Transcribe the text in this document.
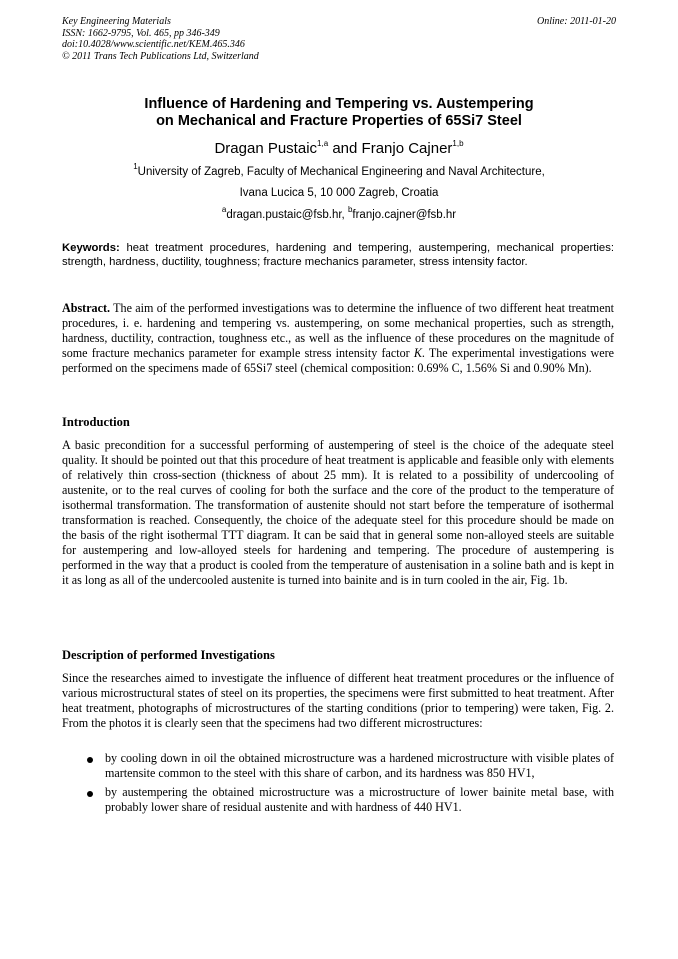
Key Engineering Materials
ISSN: 1662-9795, Vol. 465, pp 346-349
doi:10.4028/www.scientific.net/KEM.465.346
© 2011 Trans Tech Publications Ltd, Switzerland
Online: 2011-01-20
Influence of Hardening and Tempering vs. Austempering
on Mechanical and Fracture Properties of 65Si7 Steel
Dragan Pustaic$^{1,a}$ and Franjo Cajner$^{1,b}$
$^1$University of Zagreb, Faculty of Mechanical Engineering and Naval Architecture,
Ivana Lucica 5, 10 000 Zagreb, Croatia
$^a$dragan.pustaic@fsb.hr, $^b$franjo.cajner@fsb.hr
Keywords: heat treatment procedures, hardening and tempering, austempering, mechanical properties: strength, hardness, ductility, toughness; fracture mechanics parameter, stress intensity factor.
Abstract. The aim of the performed investigations was to determine the influence of two different heat treatment procedures, i. e. hardening and tempering vs. austempering, on some mechanical properties, such as strength, hardness, ductility, contraction, toughness etc., as well as the influence of these procedures on the magnitude of some fracture mechanics parameter for example stress intensity factor K. The experimental investigations were performed on the specimens made of 65Si7 steel (chemical composition: 0.69% C, 1.56% Si and 0.90% Mn).
Introduction
A basic precondition for a successful performing of austempering of steel is the choice of the adequate steel quality. It should be pointed out that this procedure of heat treatment is applicable and feasible only with elements of relatively thin cross-section (thickness of about 25 mm). It is related to a possibility of undercooling of austenite, or to the real curves of cooling for both the surface and the core of the product to the temperature of isothermal transformation. The transformation of austenite should not start before the temperature of isothermal transformation is reached. Consequently, the choice of the adequate steel for this procedure should be made on the basis of the right isothermal TTT diagram. It can be said that in general some non-alloyed steels are suitable for austempering and low-alloyed steels for hardening and tempering. The procedure of austempering is performed in the way that a product is cooled from the temperature of austenisation in a soline bath and is kept in it as long as all of the undercooled austenite is turned into bainite and is in turn cooled in the air, Fig. 1b.
Description of performed Investigations
Since the researches aimed to investigate the influence of different heat treatment procedures or the influence of various microstructural states of steel on its properties, the specimens were first submitted to heat treatment. After heat treatment, photographs of microstructures of the starting conditions (prior to tempering) were taken, Fig. 2. From the photos it is clearly seen that the specimens had two different microstructures:
by cooling down in oil the obtained microstructure was a hardened microstructure with visible plates of martensite common to the steel with this share of carbon, and its hardness was 850 HV1,
by austempering the obtained microstructure was a microstructure of lower bainite metal base, with probably lower share of residual austenite and with hardness of 440 HV1.
